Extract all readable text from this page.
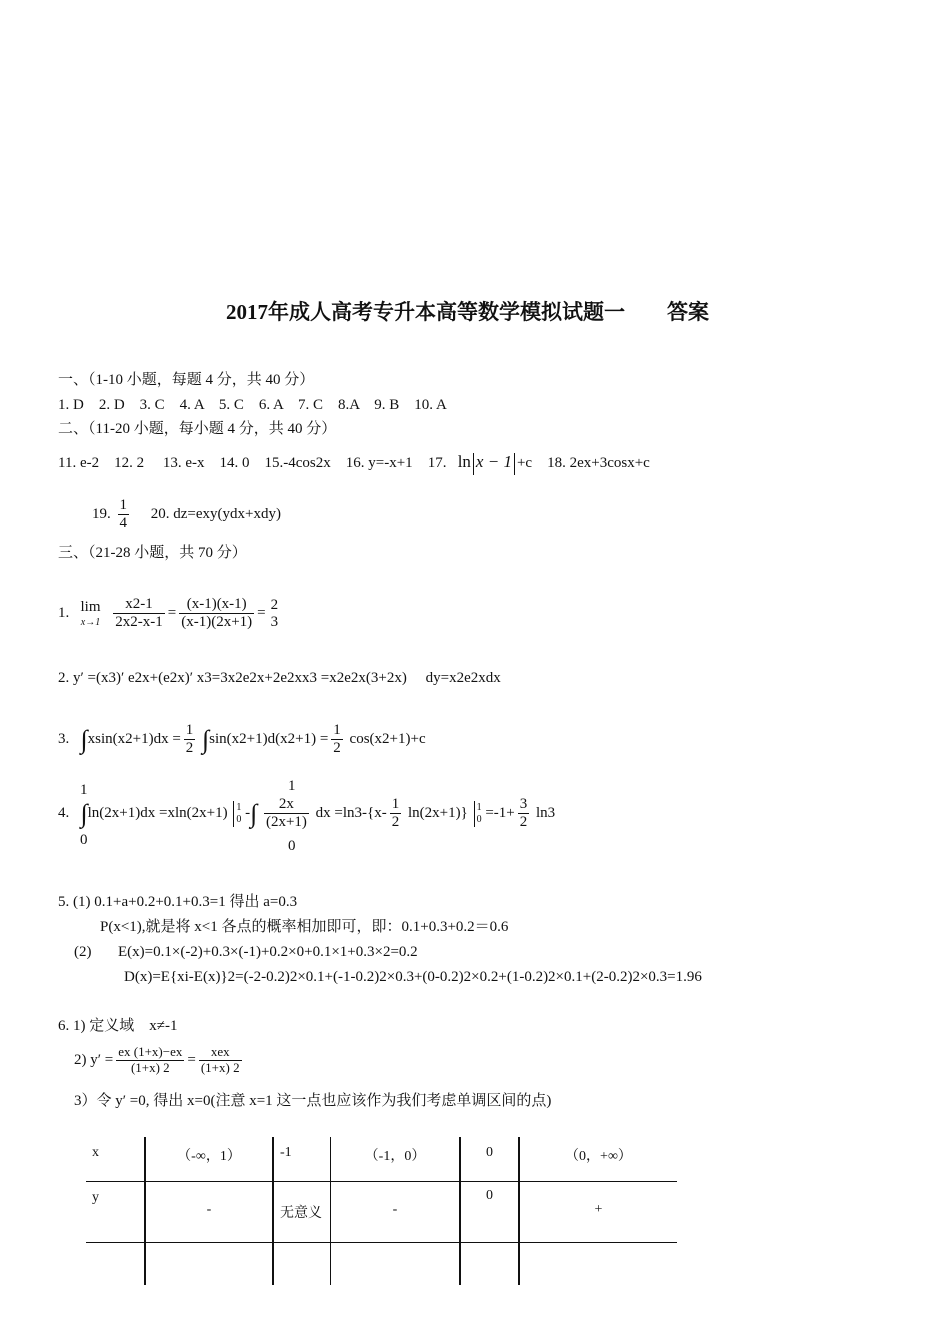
2017年成人高考专升本高等数学模拟试题一　　答案
一、（1-10 小题，每题 4 分，共 40 分）
1. D　2. D　3. C　4. A　5. C　6. A　7. C　8.A　9. B　10. A
二、（11-20 小题，每小题 4 分，共 40 分）
11. e-2 12. 2 13. e-x 14. 0 15.-4cos2x 16. y=-x+1 17. ln x − 1 +c 18. 2ex+3cosx+c
19. $\frac{1}{4} 20$. dz=exy(ydx+xdy)
三、（21-28 小题，共 70 分）
1. lim
x→1
$\frac{x2-1}{2x2-x-1} = \frac{(x-1)(x-1)}{(x-1)(2x+1)}$ =
2
3
2. y′ =(x3)′ e2x+(e2x)′ x3=3x2e2x+2e2xx3 =x2e2x(3+2x)　 dy=x2e2xdx
3. $\int xsin(x2+1)dx = \frac{1}{2} \int\sin(x2+1)d(x2+1) = \frac{1}{2} \cos(x2+1)+c$
1
0
1
0
4. ∫ln(2x+1)dx =xln(2x+1) 1
0 -∫ $\frac{2x}{(2x+1)}$ dx $=\ln 3-\{x- \frac{1}{2} \ln(2x+1)\}$ 1
$0 =-1+ \frac{3}{2} \ln 3$
5. (1) 0.1+a+0.2+0.1+0.3=1 得出 a=0.3
P(x<1),就是将 x<1 各点的概率相加即可，即：0.1+0.3+0.2＝0.6
(2) E(x)=0.1×(-2)+0.3×(-1)+0.2×0+0.1×1+0.3×2=0.2
D(x)=E{xi-E(x)}2=(-2-0.2)2×0.1+(-1-0.2)2×0.3+(0-0.2)2×0.2+(1-0.2)2×0.1+(2-0.2)2×0.3=1.96
6. 1) 定义域　x≠-1
2) $y' = \frac{ex (1+x)-ex}{(1+x) 2} = \frac{\text{xex}}{(1+x) 2}$
3）令 y′ =0, 得出 x=0(注意 x=1 这一点也应该作为我们考虑单调区间的点)
x	（-∞，1）	-1	（-1，0）	0	（0，+∞）
y	-	无意义	-	0	+
